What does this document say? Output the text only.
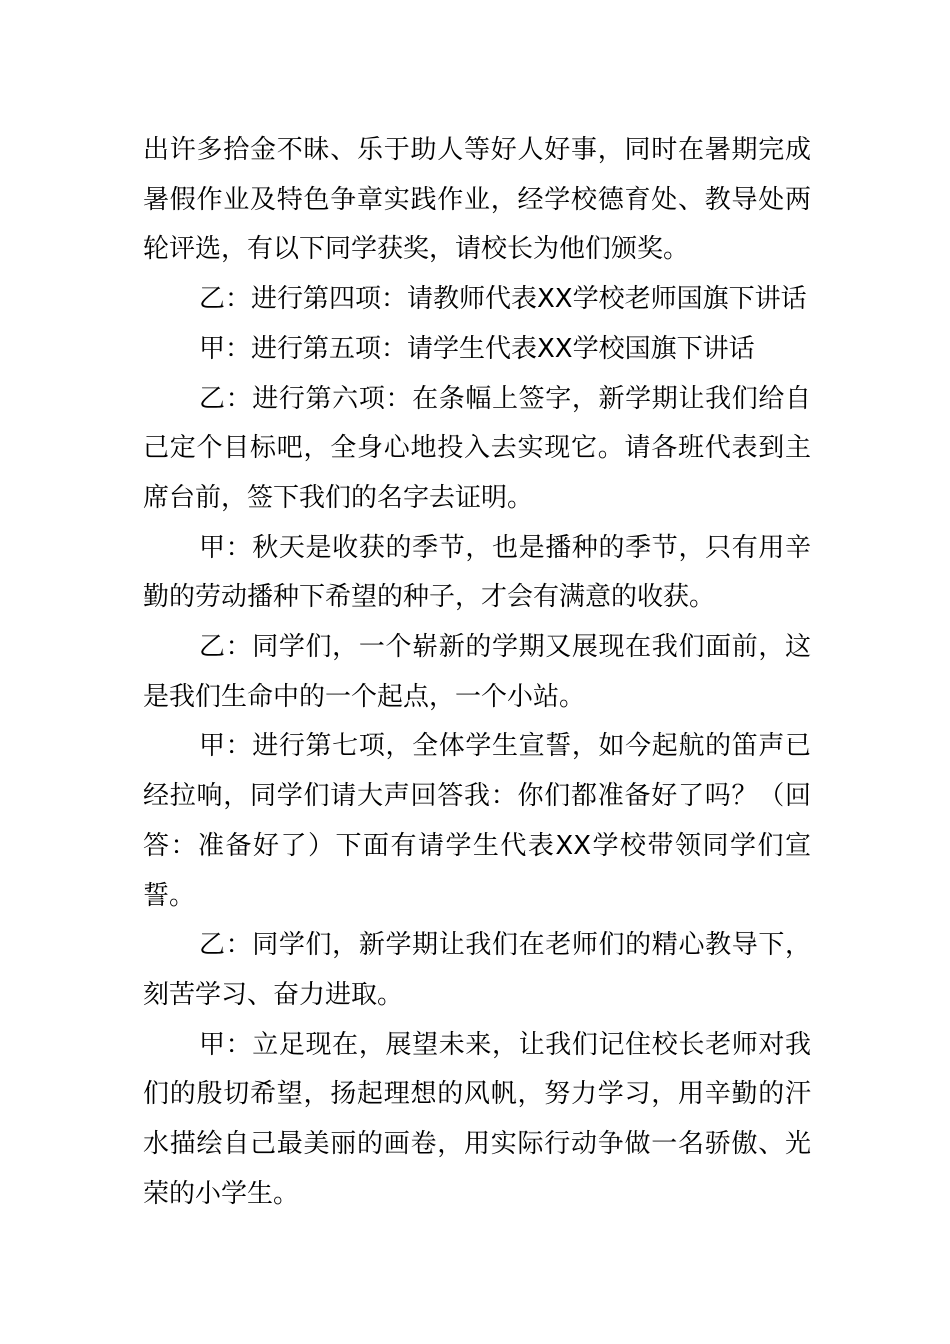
出许多拾金不昧、乐于助人等好人好事，同时在暑期完成暑假作业及特色争章实践作业，经学校德育处、教导处两轮评选，有以下同学获奖，请校长为他们颁奖。

乙：进行第四项：请教师代表XX学校老师国旗下讲话

甲：进行第五项：请学生代表XX学校国旗下讲话

乙：进行第六项：在条幅上签字，新学期让我们给自己定个目标吧，全身心地投入去实现它。请各班代表到主席台前，签下我们的名字去证明。

甲：秋天是收获的季节，也是播种的季节，只有用辛勤的劳动播种下希望的种子，才会有满意的收获。

乙：同学们，一个崭新的学期又展现在我们面前，这是我们生命中的一个起点，一个小站。

甲：进行第七项，全体学生宣誓，如今起航的笛声已经拉响，同学们请大声回答我：你们都准备好了吗？（回答：准备好了）下面有请学生代表XX学校带领同学们宣誓。

乙：同学们，新学期让我们在老师们的精心教导下，刻苦学习、奋力进取。

甲：立足现在，展望未来，让我们记住校长老师对我们的殷切希望，扬起理想的风帆，努力学习，用辛勤的汗水描绘自己最美丽的画卷，用实际行动争做一名骄傲、光荣的小学生。
